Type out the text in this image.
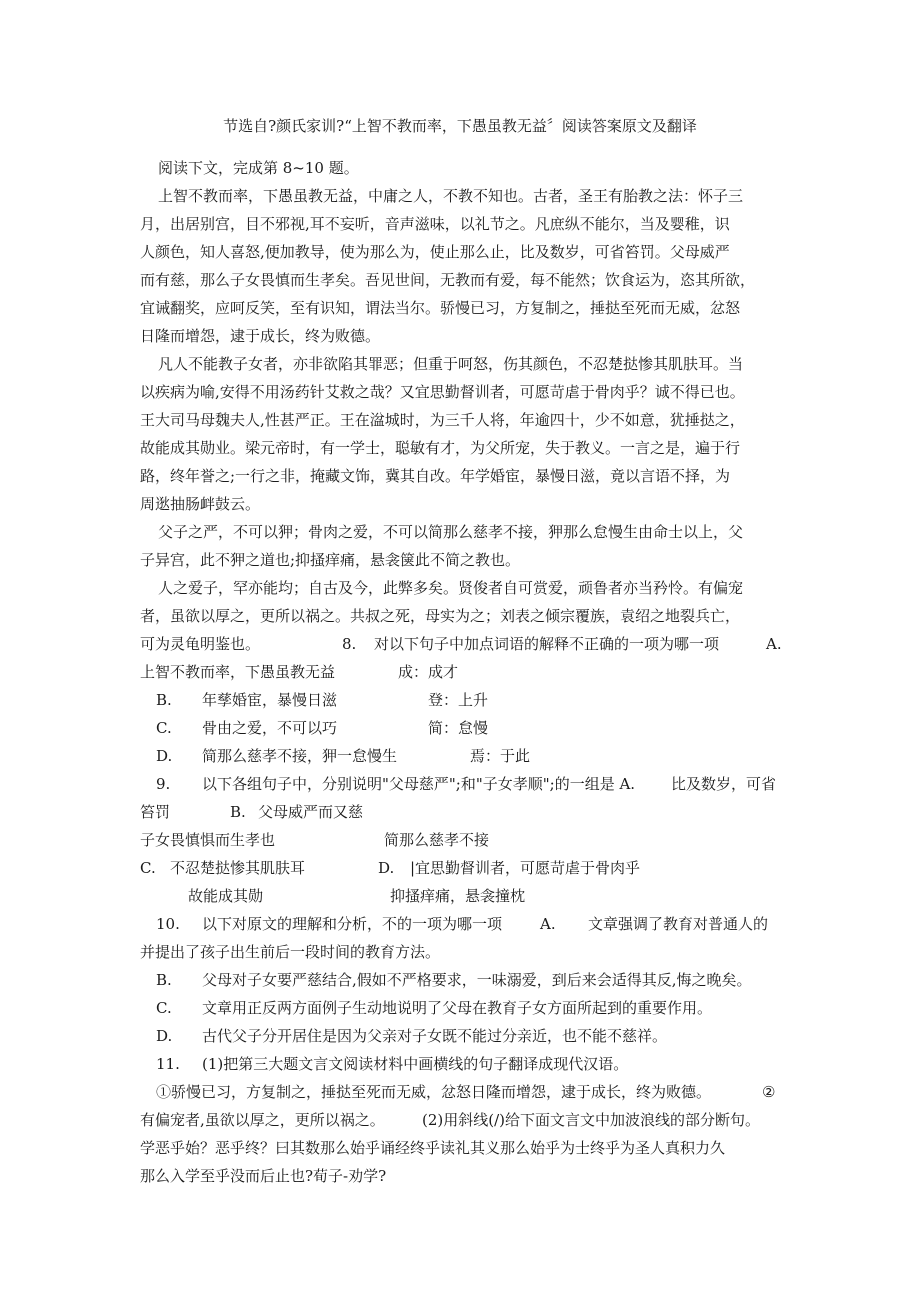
节选自?颜氏家训?“上智不教而率，下愚虽教无益〞阅读答案原文及翻译
阅读下文，完成第 8~10 题。
上智不教而率，下愚虽教无益，中庸之人，不教不知也。古者，圣王有胎教之法：怀子三
月，出居别宫，目不邪视,耳不妄听，音声滋味，以礼节之。凡庶纵不能尔，当及婴稚，识
人颜色，知人喜怒,便加教导，使为那么为，使止那么止，比及数岁，可省笞罚。父母威严
而有慈，那么子女畏慎而生孝矣。吾见世间，无教而有爱，每不能然；饮食运为，恣其所欲，
宜诫翻奖，应呵反笑，至有识知，谓法当尔。骄慢已习，方复制之，捶挞至死而无威，忿怒
日隆而增怨，逮于成长，终为败德。
凡人不能教子女者，亦非欲陷其罪恶；但重于呵怒，伤其颜色，不忍楚挞惨其肌肤耳。当
以疾病为喻,安得不用汤药针艾救之哉？又宜思勤督训者，可愿苛虐于骨肉乎？诚不得已也。
王大司马母魏夫人,性甚严正。王在湓城时，为三千人将，年逾四十，少不如意，犹捶挞之，
故能成其勋业。梁元帝时，有一学士，聪敏有才，为父所宠，失于教义。一言之是，遍于行
路，终年誉之;一行之非，掩藏文饰，冀其自改。年学婚宦，暴慢日滋，竟以言语不择，为
周逖抽肠衅鼓云。
父子之严，不可以狎；骨肉之爱，不可以简那么慈孝不接，狎那么怠慢生由命士以上，父
子异宫，此不狎之道也;抑搔痒痛，悬衾箧此不简之教也。
人之爱子，罕亦能均；自古及今，此弊多矣。贤俊者自可赏爱，顽鲁者亦当矜怜。有偏宠
者，虽欲以厚之，更所以祸之。共叔之死，母实为之；刘表之倾宗覆族，袁绍之地裂兵亡，
可为灵龟明鉴也。	8. 对以下句子中加点词语的解释不正确的一项为哪一项	A.
上智不教而率，下愚虽教无益	成：成才
B. 年孳婚宦，暴慢日滋	登：上升
C. 骨由之爱，不可以巧	简：怠慢
D. 简那么慈孝不接，狎一怠慢生	焉：于此
9. 以下各组句子中，分别说明"父母慈严";和"子女孝顺";的一组是 A. 比及数岁，可省
笞罚	B. 父母威严而又慈
子女畏慎惧而生孝也	简那么慈孝不接
C. 不忍楚挞惨其肌肤耳	D. |宜思勤督训者，可愿苛虐于骨肉乎
故能成其勋	抑搔痒痛，悬衾撞枕
10. 以下对原文的理解和分析，不的一项为哪一项	A. 文章强调了教育对普通人的
并提出了孩子出生前后一段时间的教育方法。
B. 父母对子女要严慈结合,假如不严格要求，一味溺爱，到后来会适得其反,悔之晚矣。
C. 文章用正反两方面例子生动地说明了父母在教育子女方面所起到的重要作用。
D. 古代父子分开居住是因为父亲对子女既不能过分亲近，也不能不慈祥。
11. (1)把第三大题文言文阅读材料中画横线的句子翻译成现代汉语。
①骄慢已习，方复制之，捶挞至死而无威，忿怒日隆而增怨，逮于成长，终为败德。	②
有偏宠者,虽欲以厚之，更所以祸之。 (2)用斜线(/)给下面文言文中加波浪线的部分断句。
学恶乎始？恶乎终？曰其数那么始乎诵经终乎读礼其义那么始乎为士终乎为圣人真积力久
那么入学至乎没而后止也?荀子-劝学?
